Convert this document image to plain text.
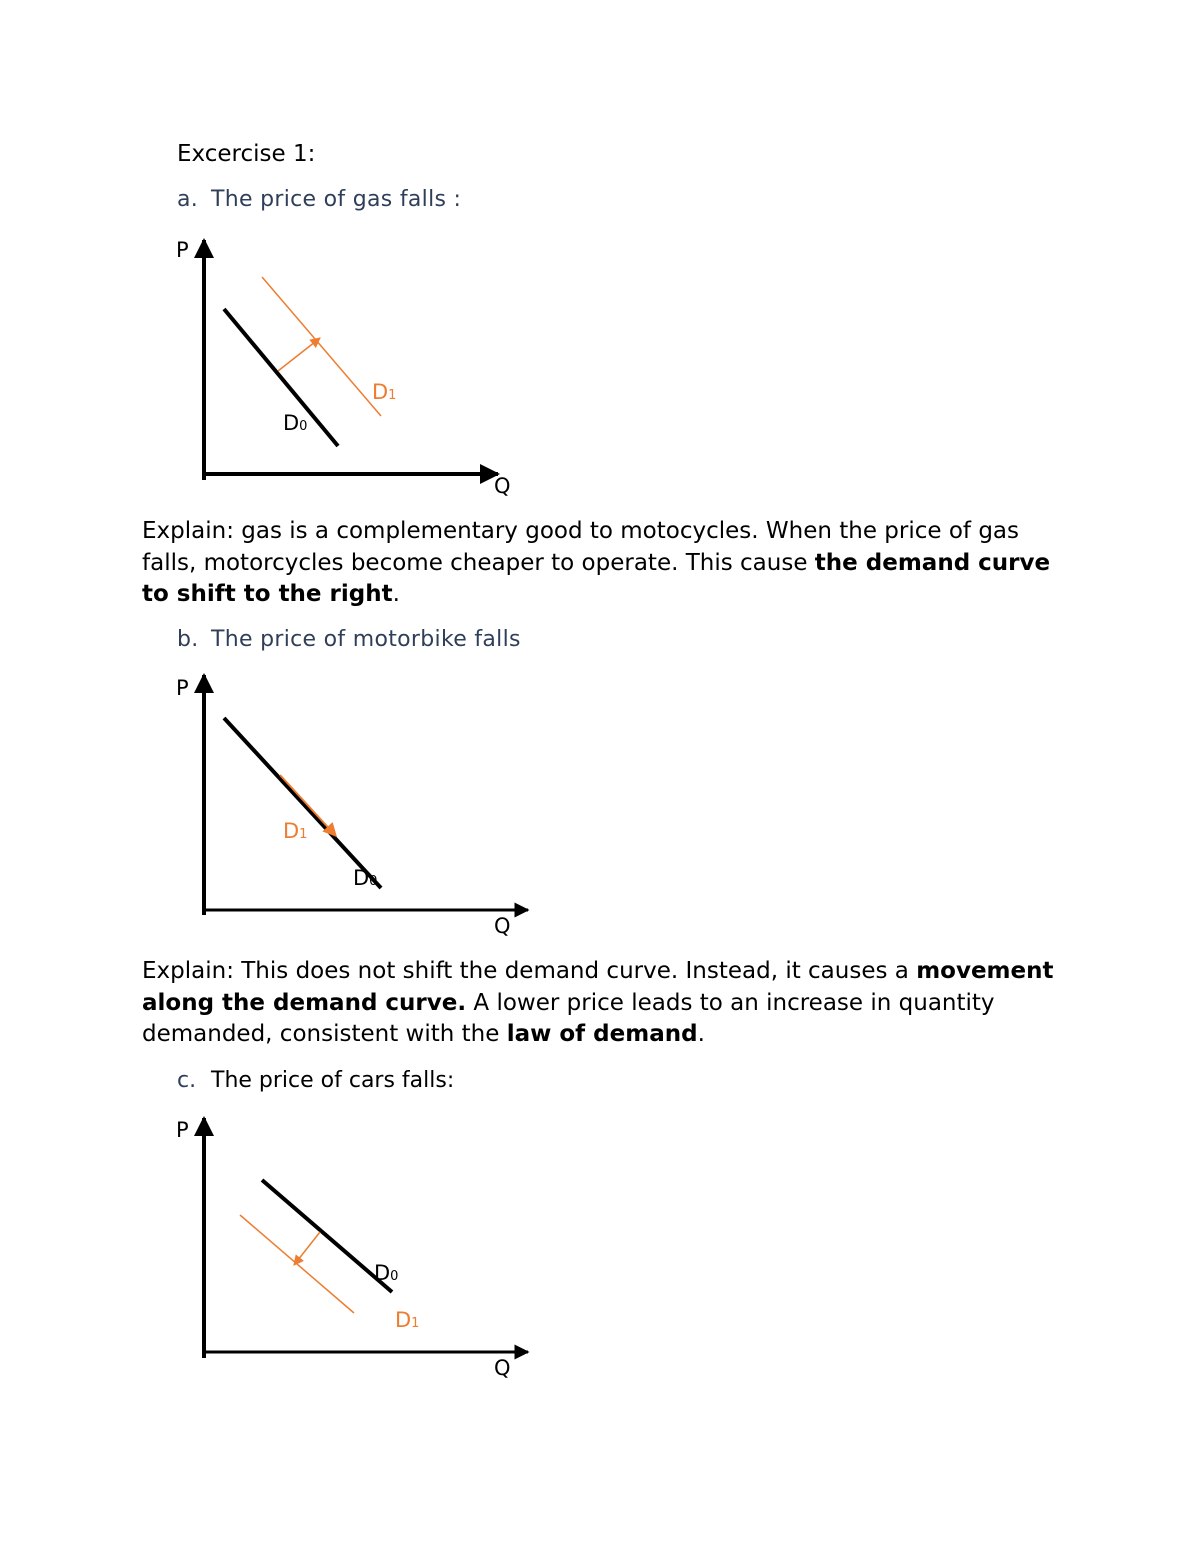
Excercise 1:

a. The price of gas falls :

P
Q
D0
D1
P
Q
D1
D0
P
Q
D0
D1

Explain: gas is a complementary good to motocycles. When the price of gas falls, motorcycles become cheaper to operate. This cause the demand curve to shift to the right.

b. The price of motorbike falls

Explain: This does not shift the demand curve. Instead, it causes a movement along the demand curve. A lower price leads to an increase in quantity demanded, consistent with the law of demand.

c. The price of cars falls:
